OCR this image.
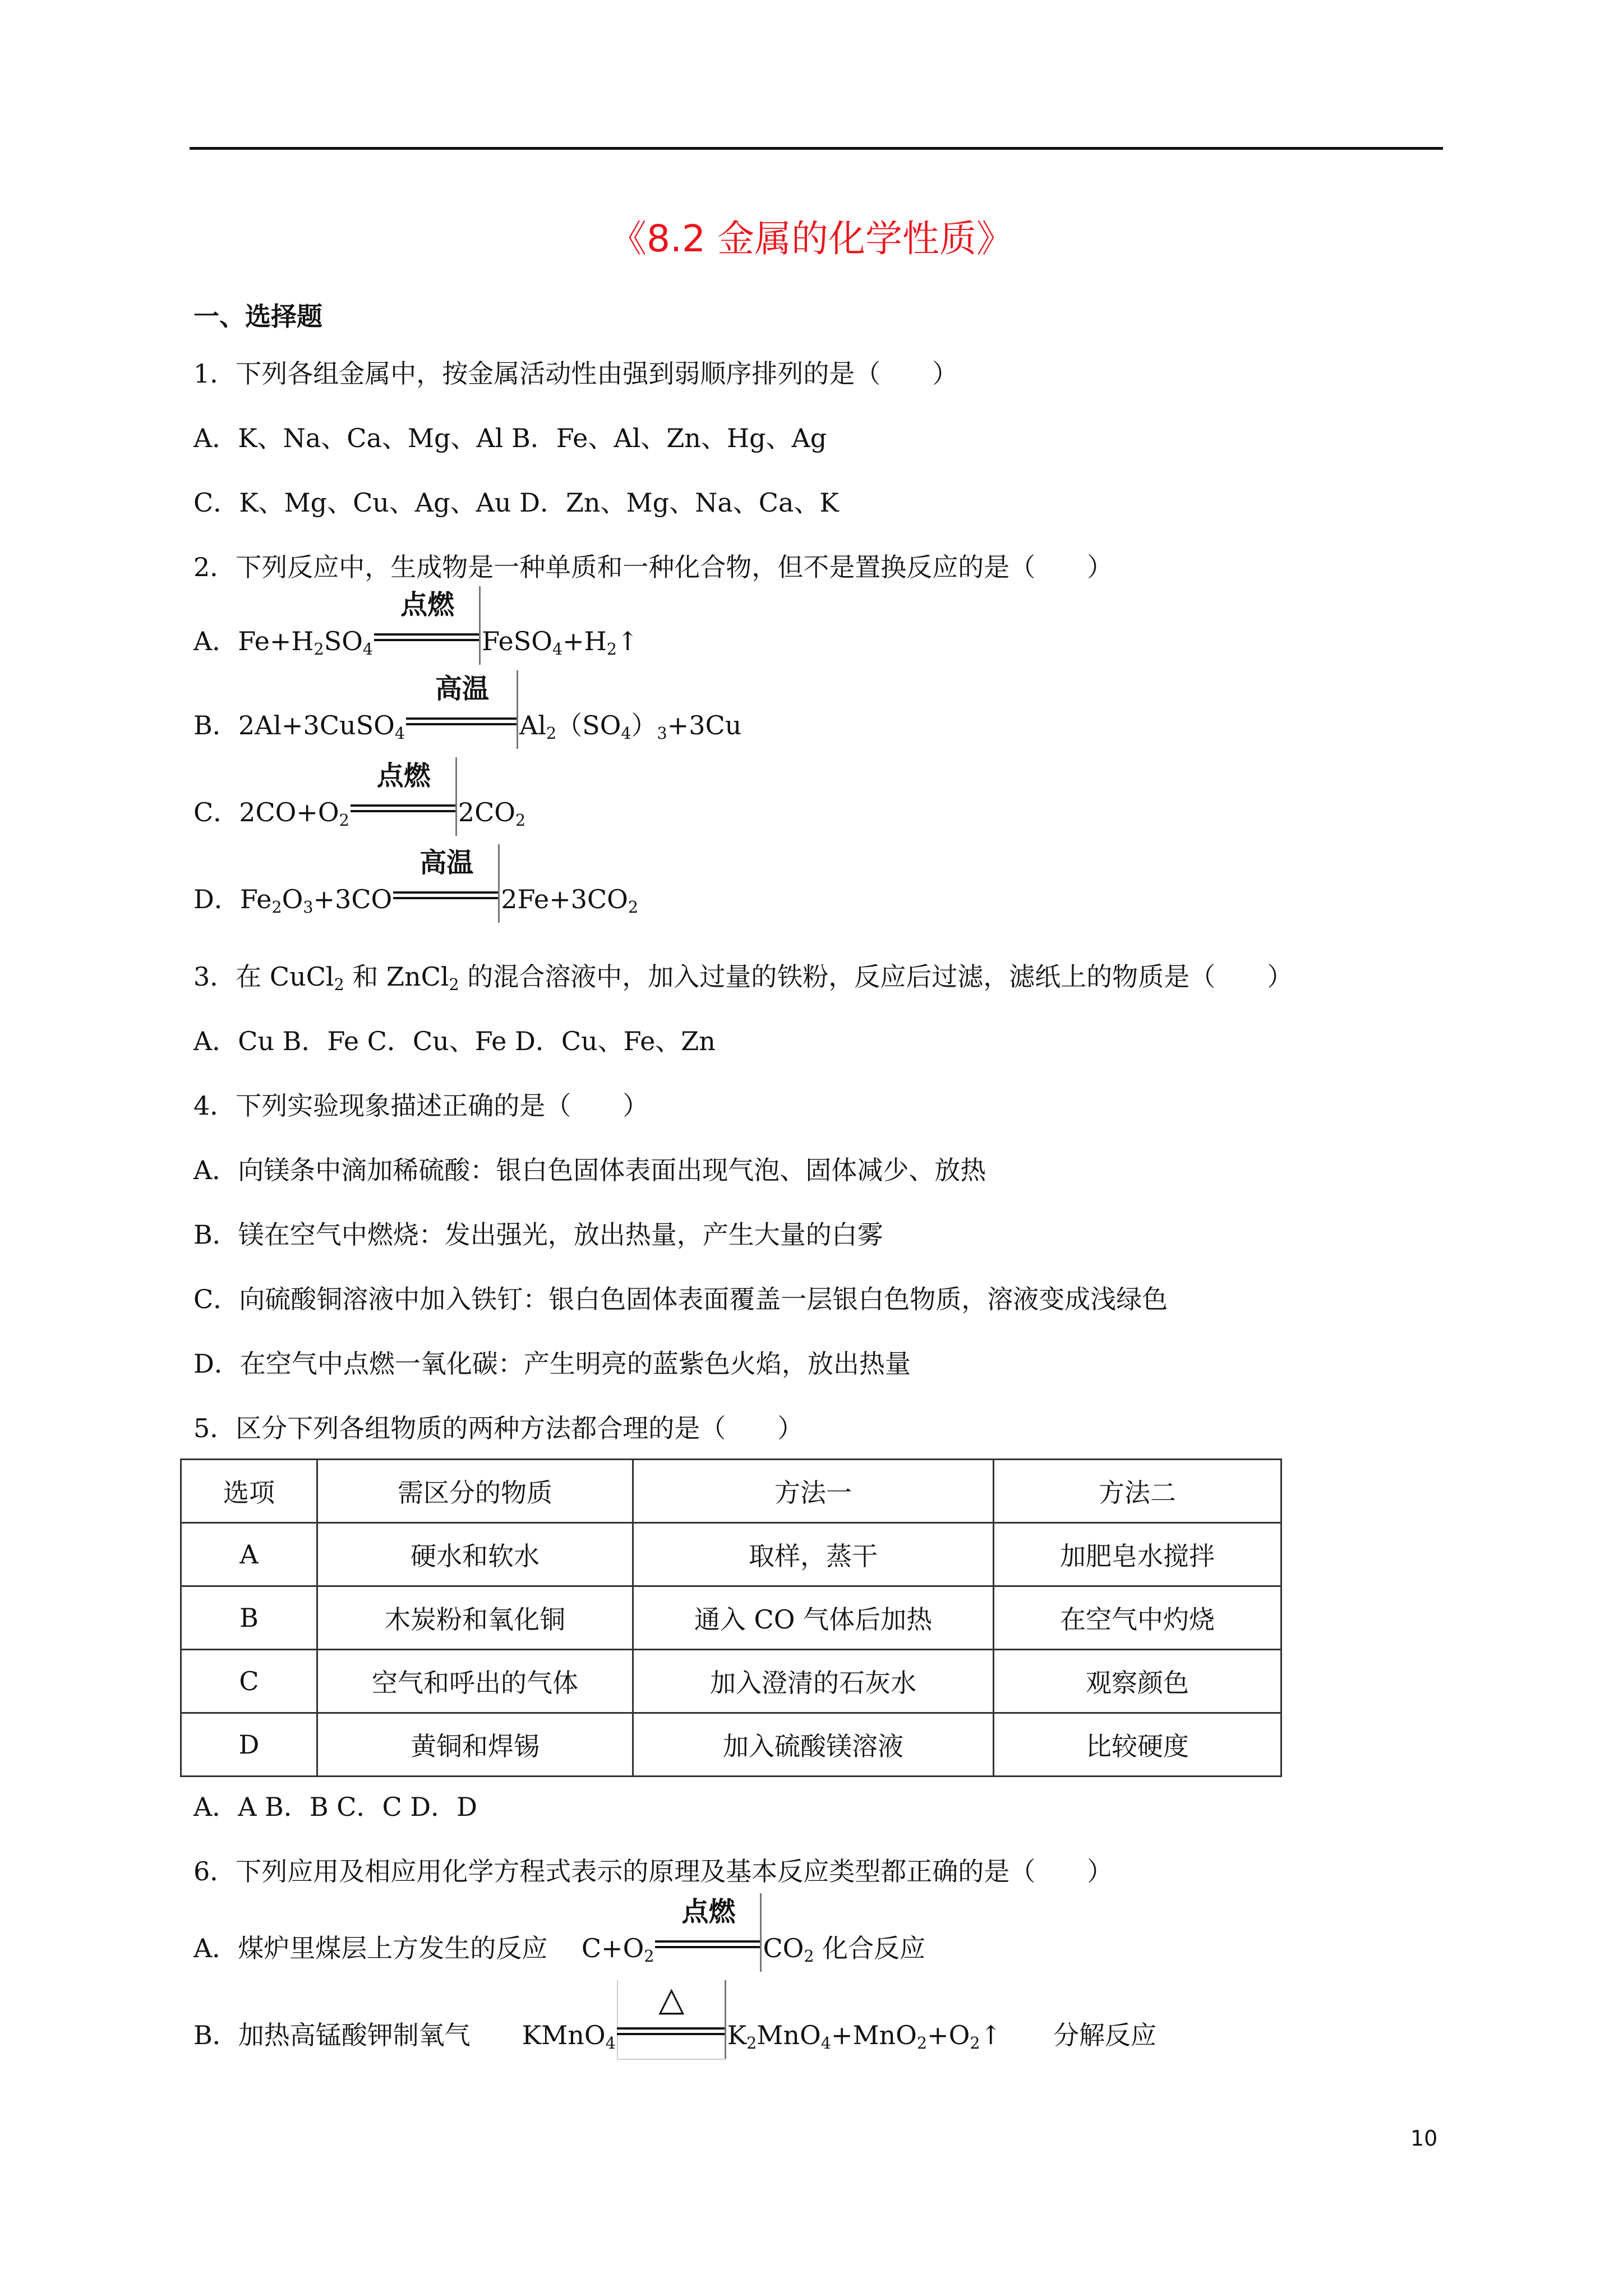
《8.2 金属的化学性质》
一、选择题
1．下列各组金属中，按金属活动性由强到弱顺序排列的是（　　）
A．K、Na、Ca、Mg、Al B．Fe、Al、Zn、Hg、Ag
C．K、Mg、Cu、Ag、Au D．Zn、Mg、Na、Ca、K
2．下列反应中，生成物是一种单质和一种化合物，但不是置换反应的是（　　）
A．$Fe+H_2SO_4$
点燃
$FeSO_4+H_2↑$
B．2Al+3CuSO$_4$
高温
$Al_2(SO_4)_3+3Cu$
C．$2CO+O_2$
点燃
$2CO_2$
D．$Fe_2O_3+3CO$
高温
$2Fe+3CO_2$
3．在 CuCl$_2$ 和 ZnCl$_2$ 的混合溶液中，加入过量的铁粉，反应后过滤，滤纸上的物质是（　　）
A．Cu B．Fe C．Cu、Fe D．Cu、Fe、Zn
4．下列实验现象描述正确的是（　　）
A．向镁条中滴加稀硫酸：银白色固体表面出现气泡、固体减少、放热
B．镁在空气中燃烧：发出强光，放出热量，产生大量的白雾
C．向硫酸铜溶液中加入铁钉：银白色固体表面覆盖一层银白色物质，溶液变成浅绿色
D．在空气中点燃一氧化碳：产生明亮的蓝紫色火焰，放出热量
5．区分下列各组物质的两种方法都合理的是（　　）
选项	需区分的物质	方法一	方法二
A	硬水和软水	取样，蒸干	加肥皂水搅拌
B	木炭粉和氧化铜	通入 CO 气体后加热	在空气中灼烧
C	空气和呼出的气体	加入澄清的石灰水	观察颜色
D	黄铜和焊锡	加入硫酸镁溶液	比较硬度
A．A B．B C．C D．D
6．下列应用及相应用化学方程式表示的原理及基本反应类型都正确的是（　　）
A．煤炉里煤层上方发生的反应　 $C+O_2$
点燃
$CO_2$ 化合反应
B．加热高锰酸钾制氧气　　KMnO$_4$
△
$K_2MnO_4+MnO_2+O_2↑$　　分解反应
10
